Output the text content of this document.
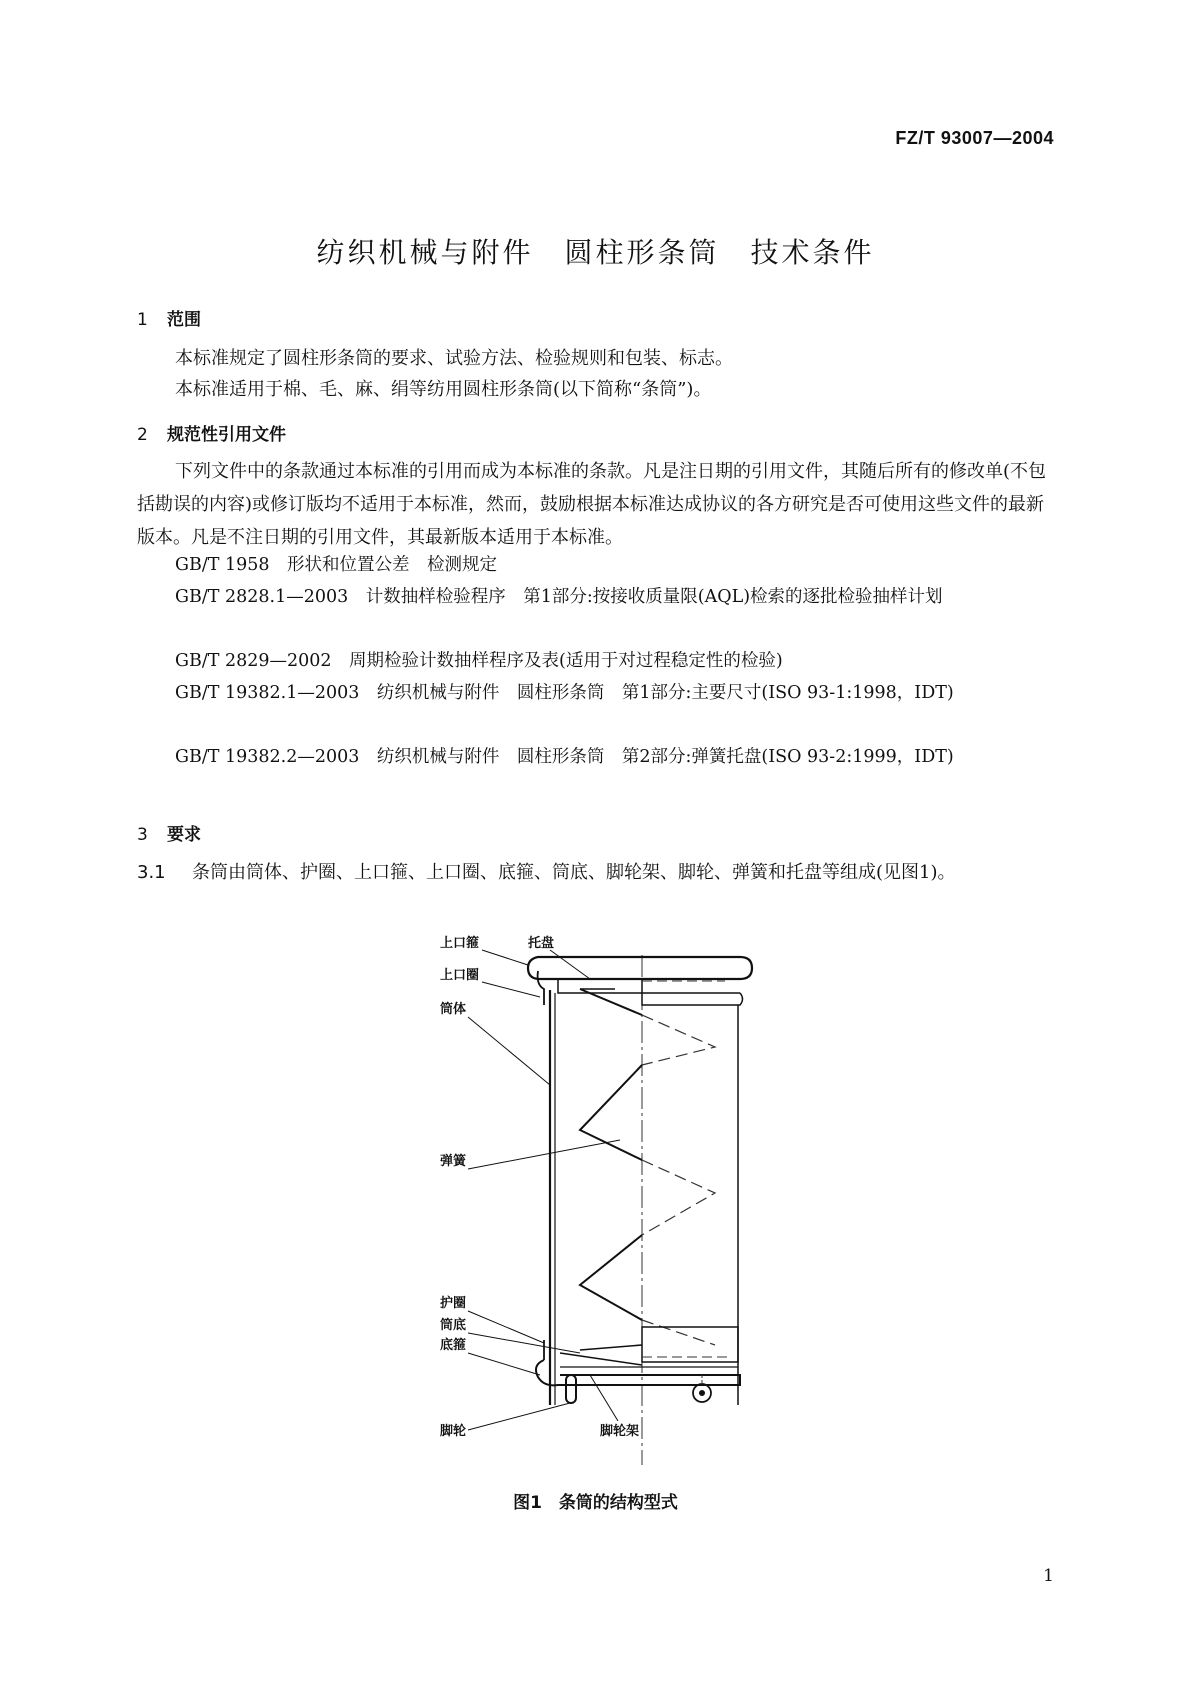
FZ/T 93007—2004
纺织机械与附件　圆柱形条筒　技术条件
1 范围
本标准规定了圆柱形条筒的要求、试验方法、检验规则和包装、标志。
本标准适用于棉、毛、麻、绢等纺用圆柱形条筒(以下简称“条筒”)。
2 规范性引用文件
下列文件中的条款通过本标准的引用而成为本标准的条款。凡是注日期的引用文件，其随后所有的修改单(不包括勘误的内容)或修订版均不适用于本标准，然而，鼓励根据本标准达成协议的各方研究是否可使用这些文件的最新版本。凡是不注日期的引用文件，其最新版本适用于本标准。
GB/T 1958　形状和位置公差　检测规定
GB/T 2828.1—2003　计数抽样检验程序　第1部分:按接收质量限(AQL)检索的逐批检验抽样计划
GB/T 2829—2002　周期检验计数抽样程序及表(适用于对过程稳定性的检验)
GB/T 19382.1—2003　纺织机械与附件　圆柱形条筒　第1部分:主要尺寸(ISO 93-1:1998，IDT)
GB/T 19382.2—2003　纺织机械与附件　圆柱形条筒　第2部分:弹簧托盘(ISO 93-2:1999，IDT)
3 要求
3.1 条筒由筒体、护圈、上口箍、上口圈、底箍、筒底、脚轮架、脚轮、弹簧和托盘等组成(见图1)。
上口箍	托盘
上口圈
筒体
弹簧
护圈
筒底
底箍
脚轮	脚轮架
图1　条筒的结构型式
1
